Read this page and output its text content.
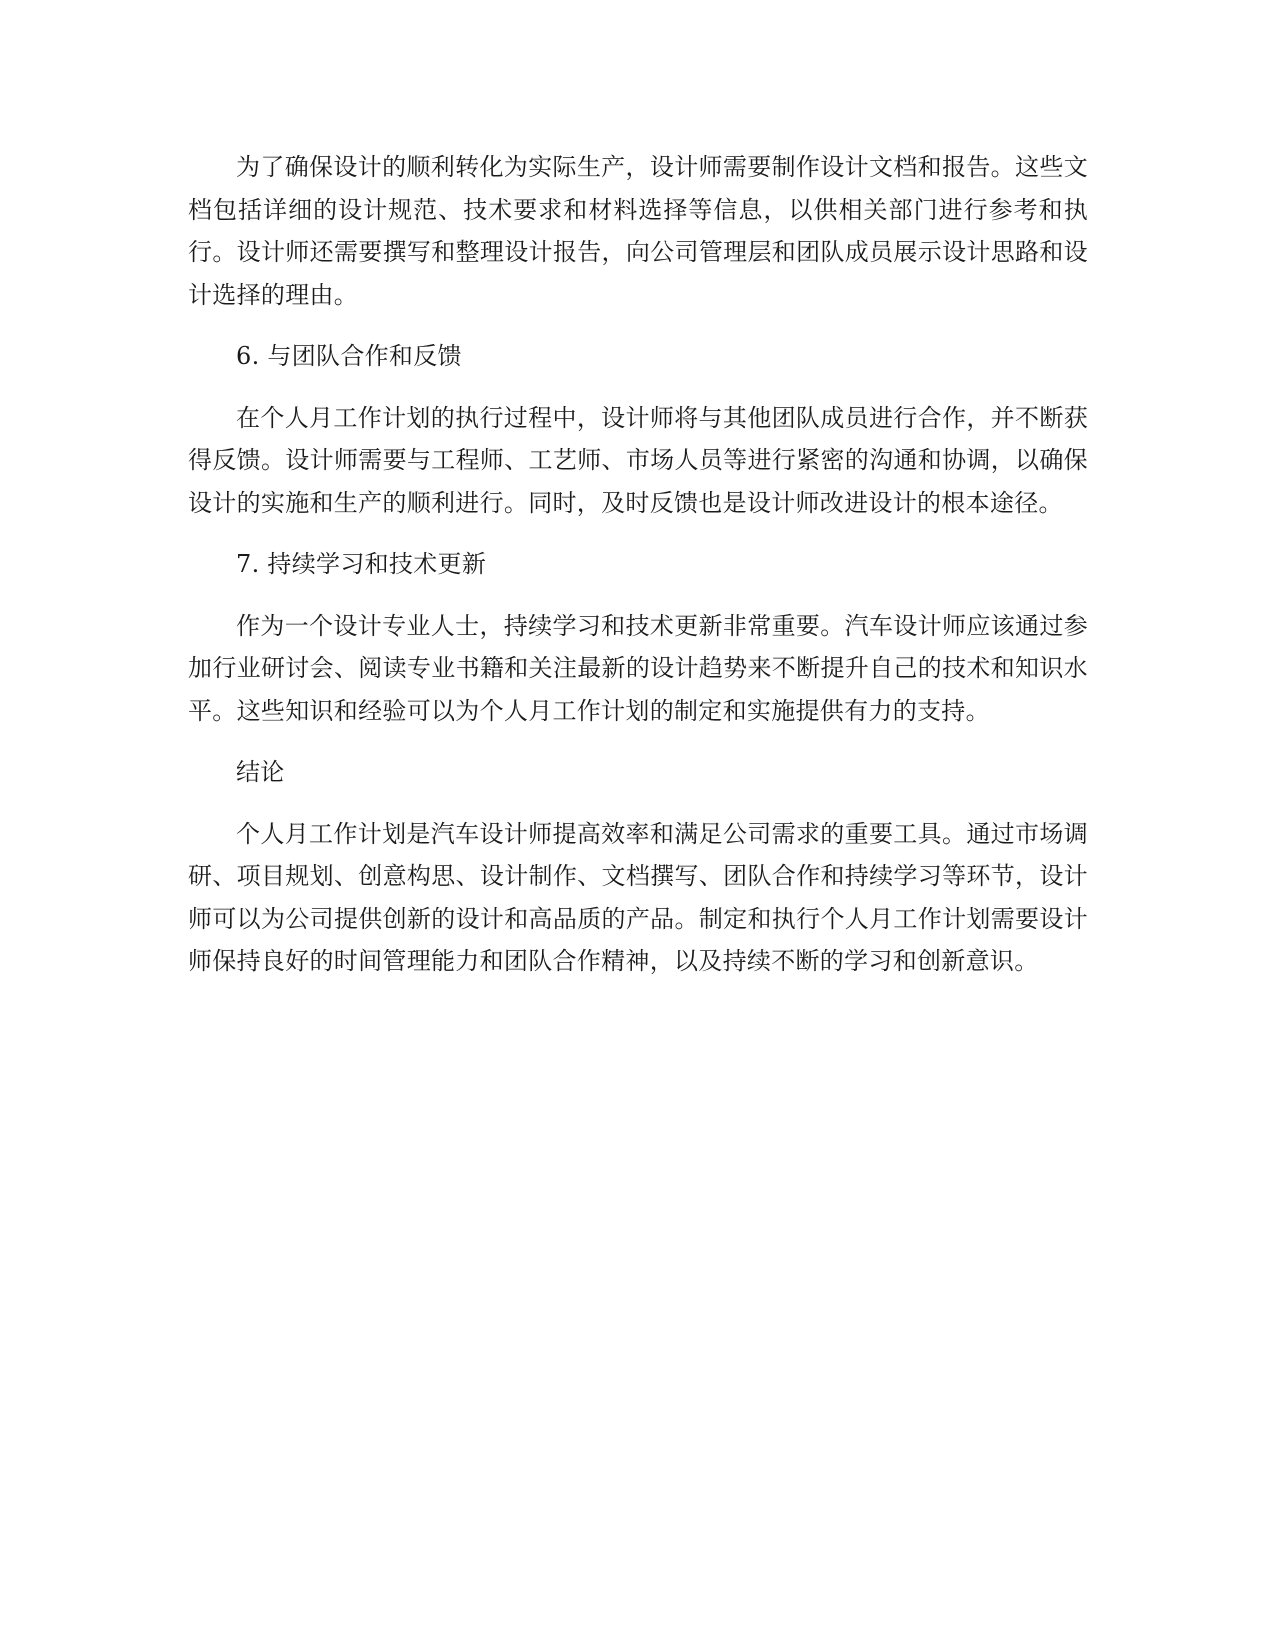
为了确保设计的顺利转化为实际生产，设计师需要制作设计文档和报告。这些文档包括详细的设计规范、技术要求和材料选择等信息，以供相关部门进行参考和执行。设计师还需要撰写和整理设计报告，向公司管理层和团队成员展示设计思路和设计选择的理由。

6. 与团队合作和反馈

在个人月工作计划的执行过程中，设计师将与其他团队成员进行合作，并不断获得反馈。设计师需要与工程师、工艺师、市场人员等进行紧密的沟通和协调，以确保设计的实施和生产的顺利进行。同时，及时反馈也是设计师改进设计的根本途径。

7. 持续学习和技术更新

作为一个设计专业人士，持续学习和技术更新非常重要。汽车设计师应该通过参加行业研讨会、阅读专业书籍和关注最新的设计趋势来不断提升自己的技术和知识水平。这些知识和经验可以为个人月工作计划的制定和实施提供有力的支持。

结论

个人月工作计划是汽车设计师提高效率和满足公司需求的重要工具。通过市场调研、项目规划、创意构思、设计制作、文档撰写、团队合作和持续学习等环节，设计师可以为公司提供创新的设计和高品质的产品。制定和执行个人月工作计划需要设计师保持良好的时间管理能力和团队合作精神，以及持续不断的学习和创新意识。
